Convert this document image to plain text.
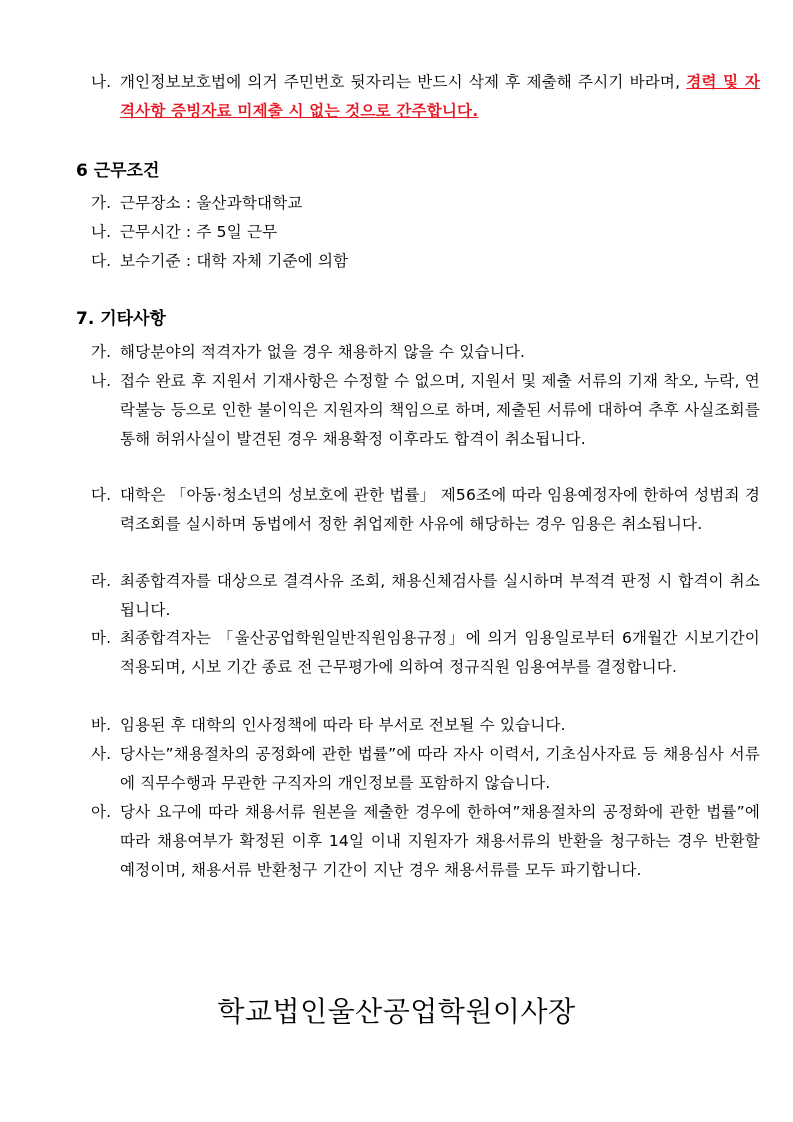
나. 개인정보보호법에 의거 주민번호 뒷자리는 반드시 삭제 후 제출해 주시기 바라며, 경력 및 자격사항 증빙자료 미제출 시 없는 것으로 간주합니다.

6 근무조건

가. 근무장소 : 울산과학대학교

나. 근무시간 : 주 5일 근무

다. 보수기준 : 대학 자체 기준에 의함

7. 기타사항

가. 해당분야의 적격자가 없을 경우 채용하지 않을 수 있습니다.

나. 접수 완료 후 지원서 기재사항은 수정할 수 없으며, 지원서 및 제출 서류의 기재 착오, 누락, 연락불능 등으로 인한 불이익은 지원자의 책임으로 하며, 제출된 서류에 대하여 추후 사실조회를 통해 허위사실이 발견된 경우 채용확정 이후라도 합격이 취소됩니다.

다. 대학은 「아동·청소년의 성보호에 관한 법률」 제56조에 따라 임용예정자에 한하여 성범죄 경력조회를 실시하며 동법에서 정한 취업제한 사유에 해당하는 경우 임용은 취소됩니다.

라. 최종합격자를 대상으로 결격사유 조회, 채용신체검사를 실시하며 부적격 판정 시 합격이 취소됩니다.

마. 최종합격자는 「울산공업학원일반직원임용규정」에 의거 임용일로부터 6개월간 시보기간이 적용되며, 시보 기간 종료 전 근무평가에 의하여 정규직원 임용여부를 결정합니다.

바. 임용된 후 대학의 인사정책에 따라 타 부서로 전보될 수 있습니다.

사. 당사는”채용절차의 공정화에 관한 법률”에 따라 자사 이력서, 기초심사자료 등 채용심사 서류에 직무수행과 무관한 구직자의 개인정보를 포함하지 않습니다.

아. 당사 요구에 따라 채용서류 원본을 제출한 경우에 한하여”채용절차의 공정화에 관한 법률”에 따라 채용여부가 확정된 이후 14일 이내 지원자가 채용서류의 반환을 청구하는 경우 반환할 예정이며, 채용서류 반환청구 기간이 지난 경우 채용서류를 모두 파기합니다.

학교법인울산공업학원이사장
